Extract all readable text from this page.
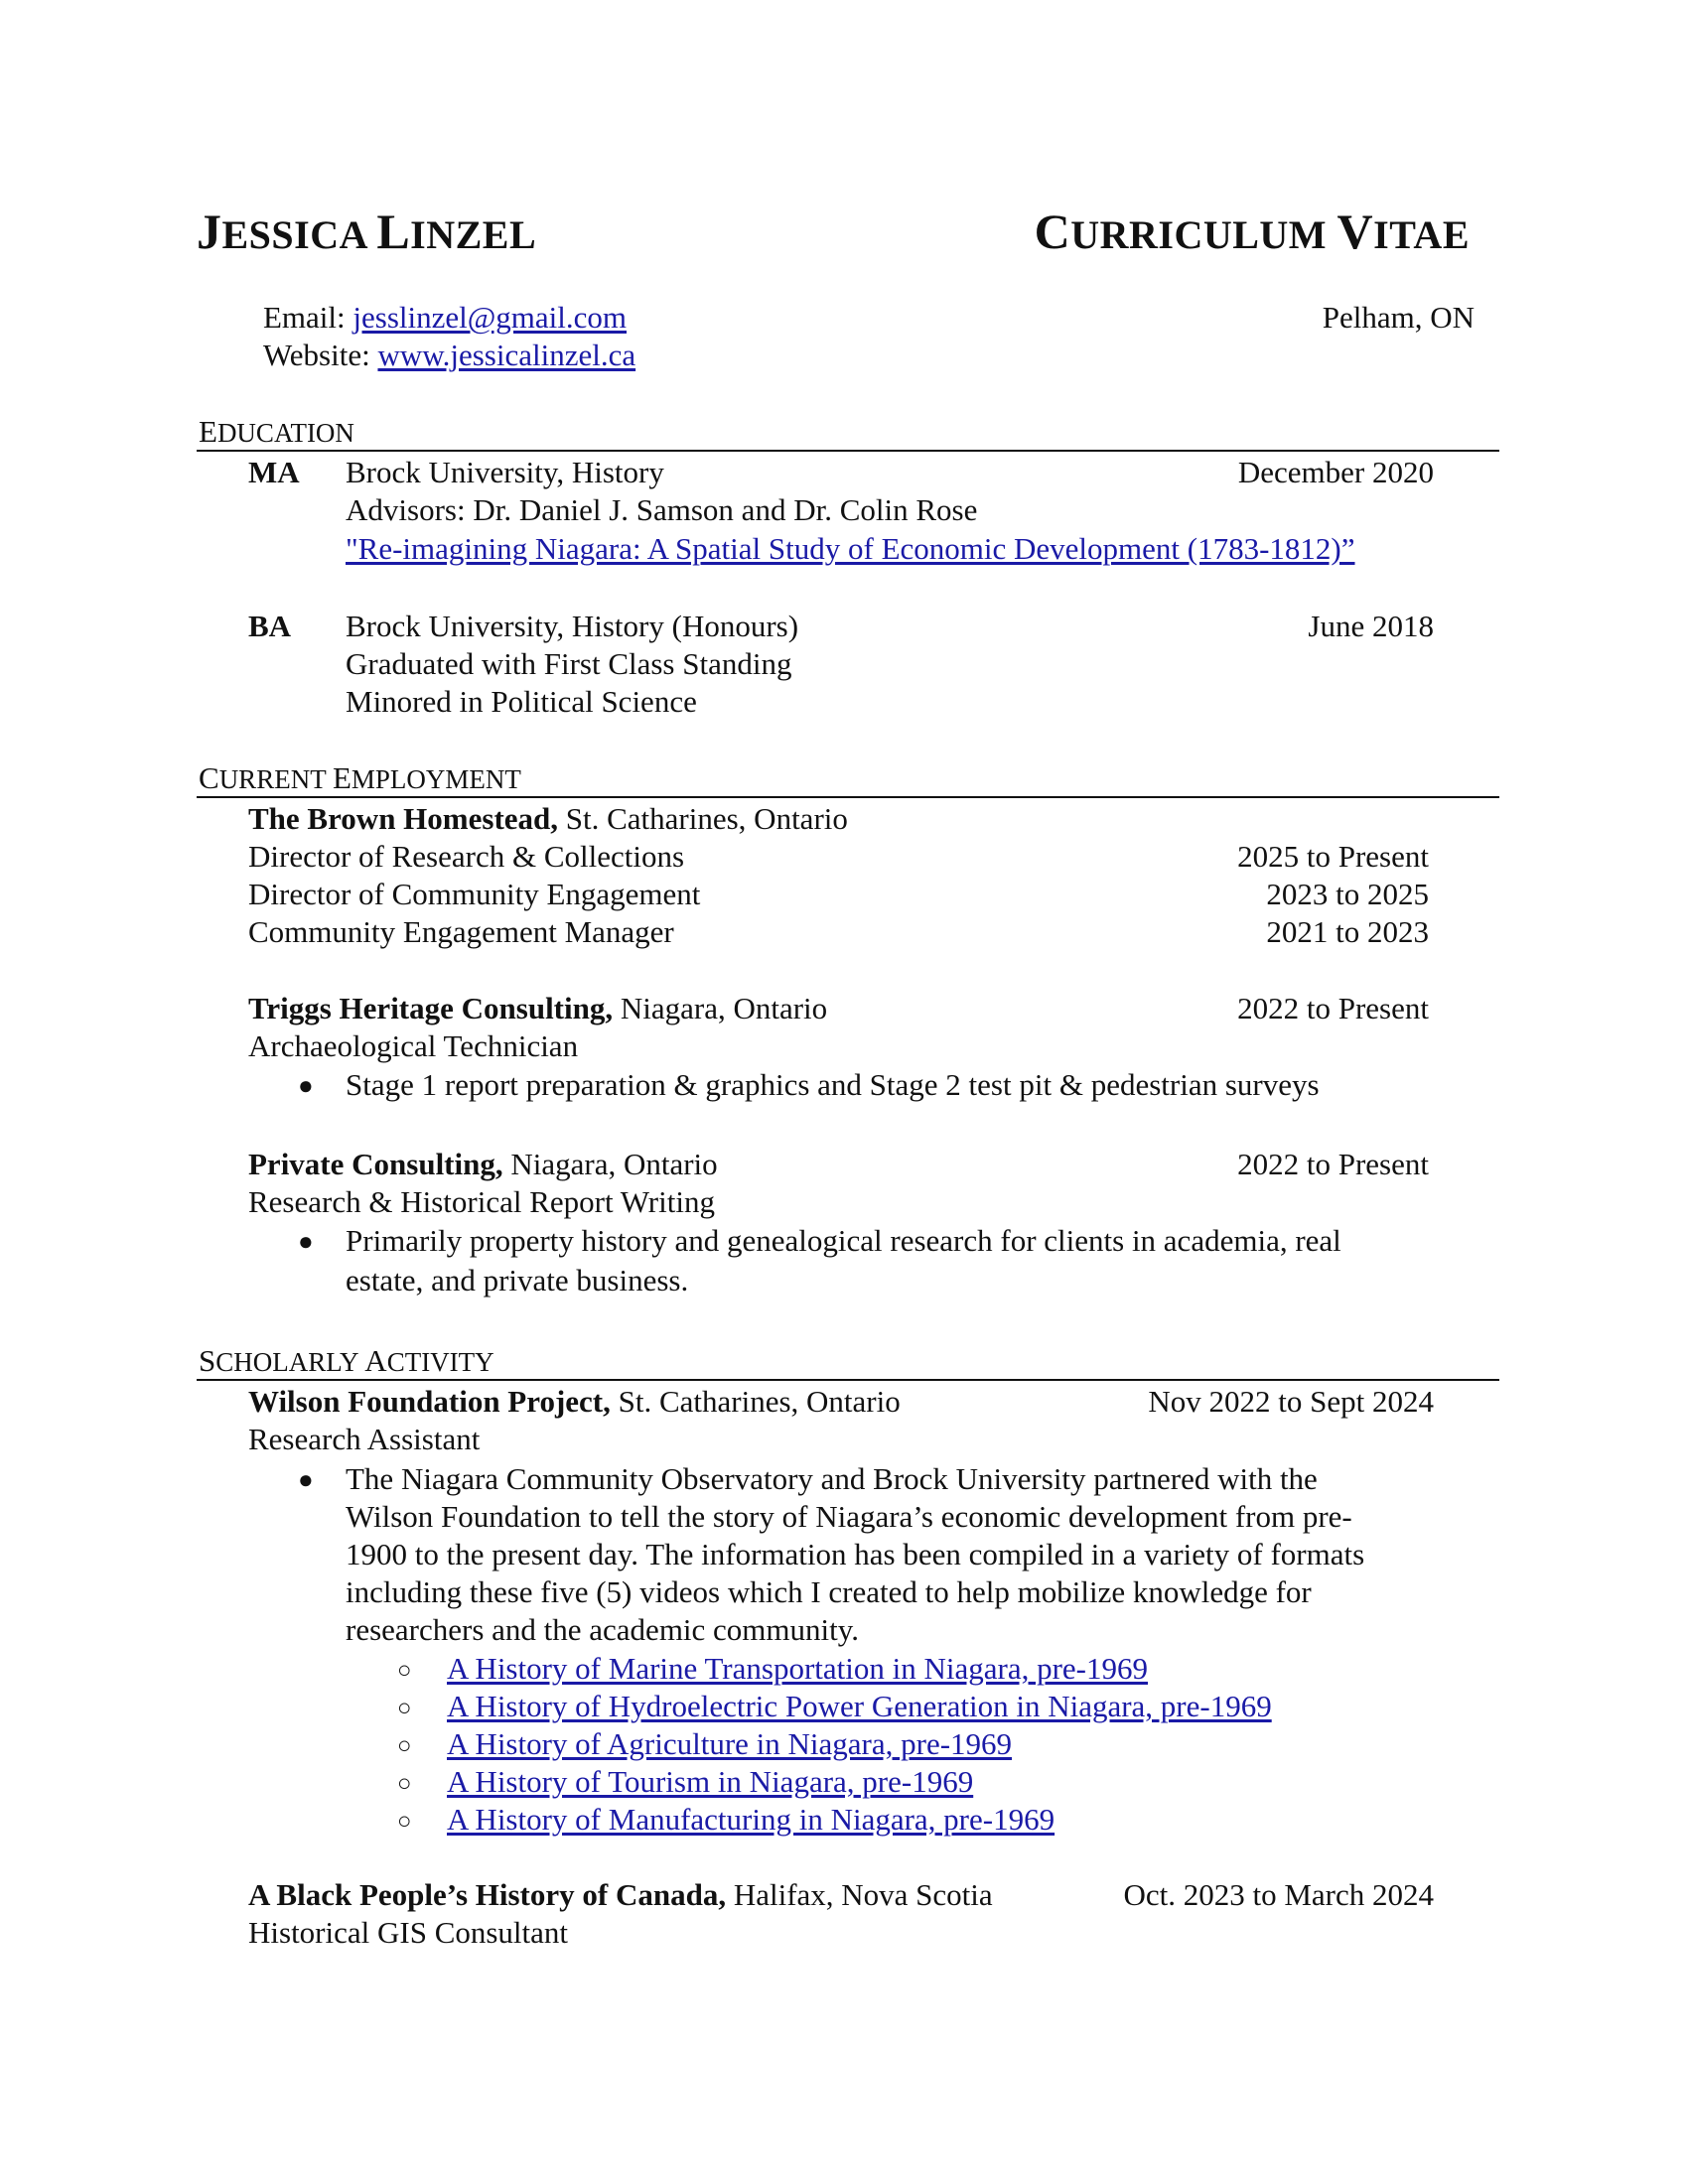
JESSICA LINZEL	CURRICULUM VITAE
Email: jesslinzel@gmail.com
Website: www.jessicalinzel.ca
Pelham, ON
EDUCATION
MA Brock University, History	December 2020
Advisors: Dr. Daniel J. Samson and Dr. Colin Rose
"Re-imagining Niagara: A Spatial Study of Economic Development (1783-1812)”
BA Brock University, History (Honours)	June 2018
Graduated with First Class Standing
Minored in Political Science
CURRENT EMPLOYMENT
The Brown Homestead, St. Catharines, Ontario
Director of Research & Collections	2025 to Present
Director of Community Engagement	2023 to 2025
Community Engagement Manager	2021 to 2023
Triggs Heritage Consulting, Niagara, Ontario	2022 to Present
Archaeological Technician
● Stage 1 report preparation & graphics and Stage 2 test pit & pedestrian surveys
Private Consulting, Niagara, Ontario	2022 to Present
Research & Historical Report Writing
● Primarily property history and genealogical research for clients in academia, real
estate, and private business.
SCHOLARLY ACTIVITY
Wilson Foundation Project, St. Catharines, Ontario	Nov 2022 to Sept 2024
Research Assistant
● The Niagara Community Observatory and Brock University partnered with the
Wilson Foundation to tell the story of Niagara’s economic development from pre-
1900 to the present day. The information has been compiled in a variety of formats
including these five (5) videos which I created to help mobilize knowledge for
researchers and the academic community.
○ A History of Marine Transportation in Niagara, pre-1969
○ A History of Hydroelectric Power Generation in Niagara, pre-1969
○ A History of Agriculture in Niagara, pre-1969
○ A History of Tourism in Niagara, pre-1969
○ A History of Manufacturing in Niagara, pre-1969
A Black People’s History of Canada, Halifax, Nova Scotia	Oct. 2023 to March 2024
Historical GIS Consultant
